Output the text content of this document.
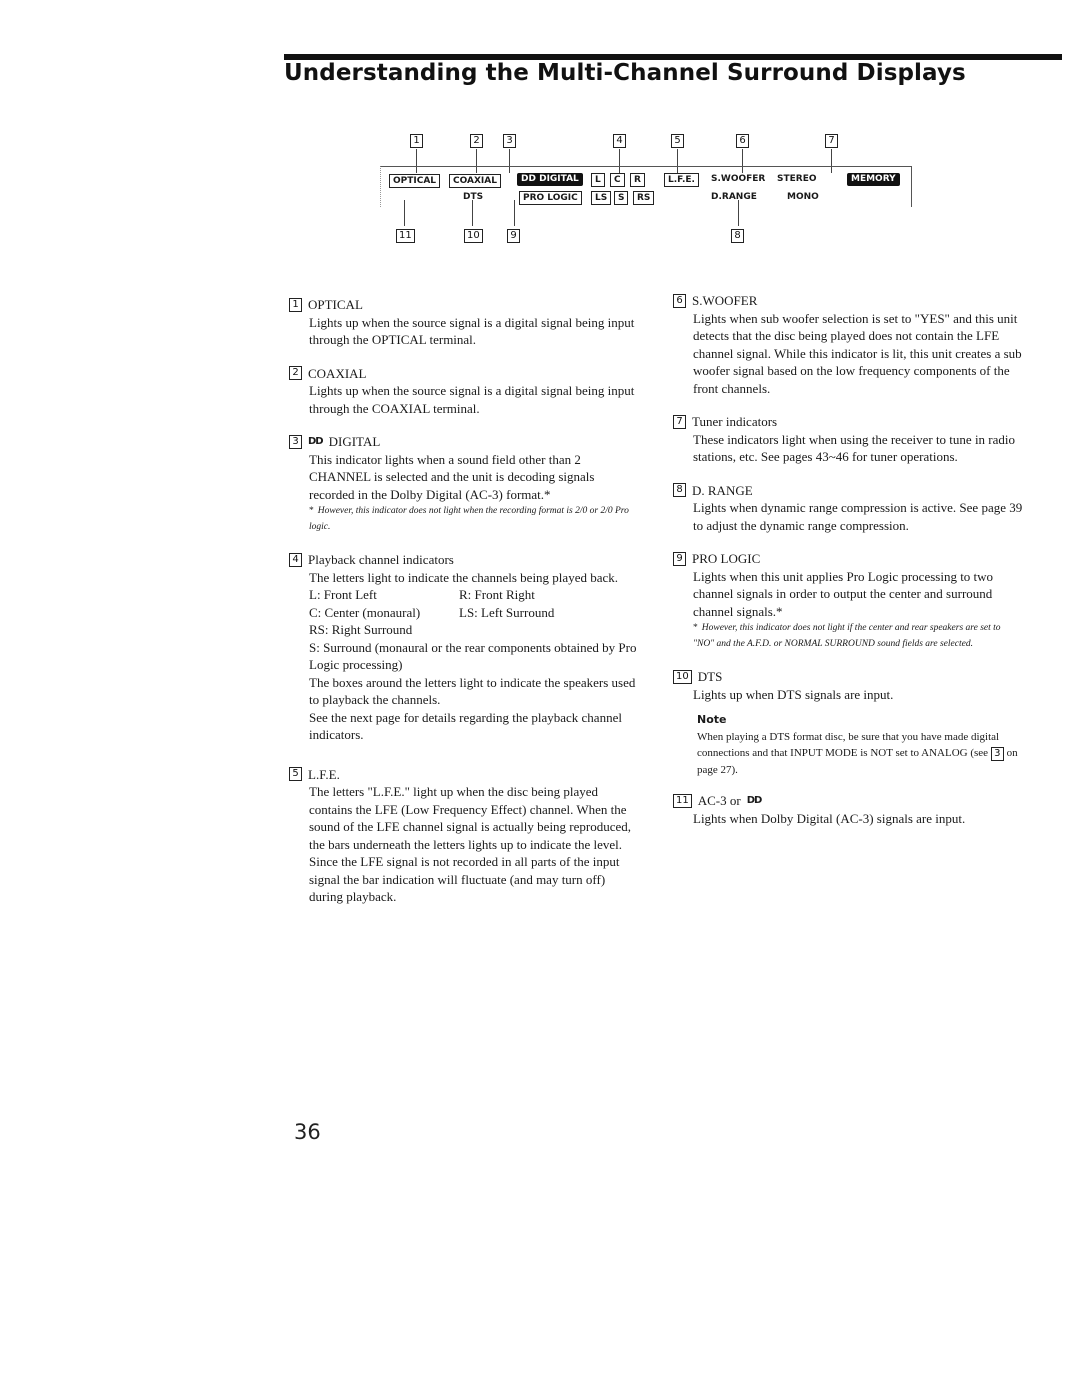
Understanding the Multi-Channel Surround Displays
1	2	3	4	5	6	7
OPTICAL	COAXIAL	DD DIGITAL	L	C	R	L.F.E.	S.WOOFER STEREO	MEMORY
DTS	PRO LOGIC	LS	S	RS	D.RANGE	MONO
11	10	9	8
1 OPTICAL

Lights up when the source signal is a digital signal being input through the OPTICAL terminal.

2 COAXIAL

Lights up when the source signal is a digital signal being input through the COAXIAL terminal.

3 DD DIGITAL

This indicator lights when a sound field other than 2 CHANNEL is selected and the unit is decoding signals recorded in the Dolby Digital (AC-3) format.*

* However, this indicator does not light when the recording format is 2/0 or 2/0 Pro logic.
4 Playback channel indicators

The letters light to indicate the channels being played back.

L: Front Left	R: Front Right
C: Center (monaural)	LS: Left Surround

RS: Right Surround

S: Surround (monaural or the rear components obtained by Pro Logic processing)

The boxes around the letters light to indicate the speakers used to playback the channels.

See the next page for details regarding the playback channel indicators.

5 L.F.E.

The letters "L.F.E." light up when the disc being played contains the LFE (Low Frequency Effect) channel. When the sound of the LFE channel signal is actually being reproduced, the bars underneath the letters lights up to indicate the level. Since the LFE signal is not recorded in all parts of the input signal the bar indication will fluctuate (and may turn off) during playback.

6 S.WOOFER

Lights when sub woofer selection is set to "YES" and this unit detects that the disc being played does not contain the LFE channel signal. While this indicator is lit, this unit creates a sub woofer signal based on the low frequency components of the front channels.

7 Tuner indicators

These indicators light when using the receiver to tune in radio stations, etc. See pages 43~46 for tuner operations.

8 D. RANGE

Lights when dynamic range compression is active. See page 39 to adjust the dynamic range compression.

9 PRO LOGIC

Lights when this unit applies Pro Logic processing to two channel signals in order to output the center and surround channel signals.*

* However, this indicator does not light if the center and rear speakers are set to "NO" and the A.F.D. or NORMAL SURROUND sound fields are selected.
10 DTS

Lights up when DTS signals are input.

Note
When playing a DTS format disc, be sure that you have made digital connections and that INPUT MODE is NOT set to ANALOG (see 3 on page 27).
11 AC-3 or DD

Lights when Dolby Digital (AC-3) signals are input.

36
